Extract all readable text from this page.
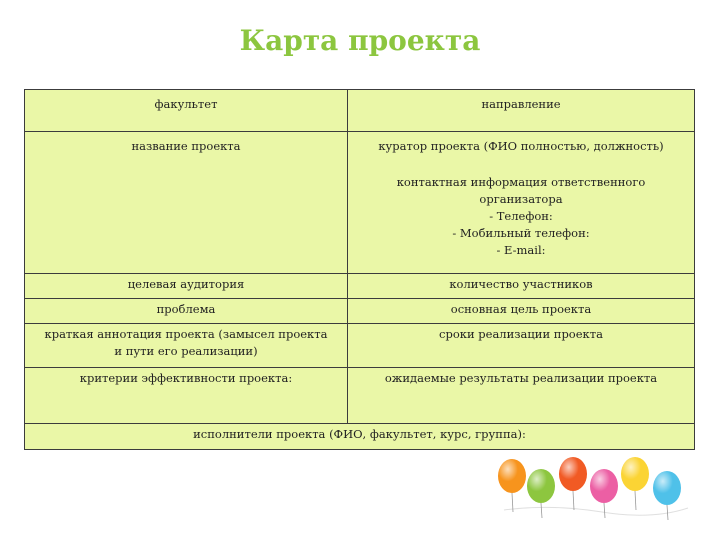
Карта проекта
факультет	направление
название проекта	куратор проекта (ФИО полностью, должность)

	контактная информация ответственного
организатора
- Телефон:
- Мобильный телефон:
- E-mail:

целевая аудитория	количество участников
проблема	основная цель проекта

краткая аннотация проекта (замысел проекта
и пути его реализации)	сроки реализации проекта
критерии эффективности проекта:	ожидаемые результаты реализации проекта
исполнители проекта (ФИО, факультет, курс, группа):	
